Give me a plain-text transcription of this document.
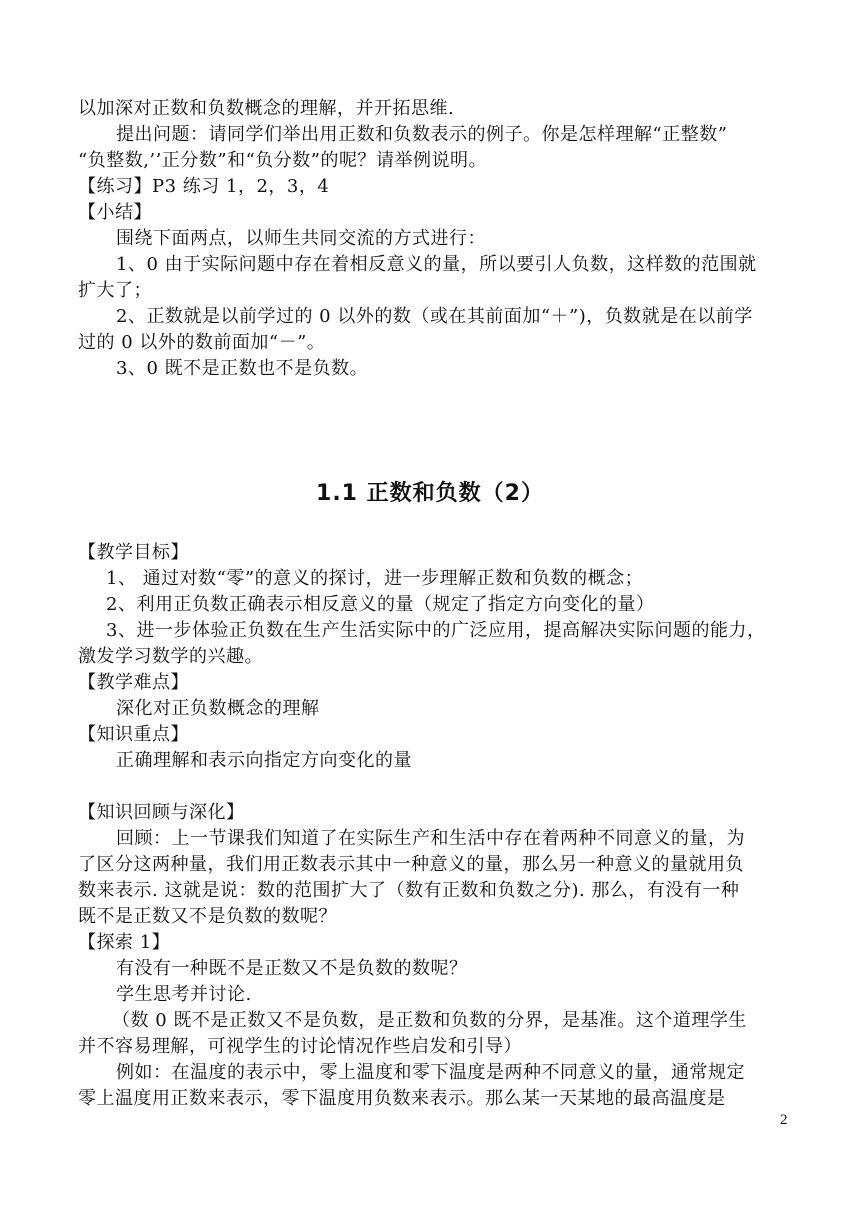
以加深对正数和负数概念的理解，并开拓思维.
提出问题：请同学们举出用正数和负数表示的例子。你是怎样理解“正整数”
“负整数,’’正分数”和“负分数”的呢？请举例说明。
【练习】P3 练习 1，2，3，4
【小结】
围绕下面两点，以师生共同交流的方式进行：
1、0 由于实际问题中存在着相反意义的量，所以要引人负数，这样数的范围就
扩大了；
2、正数就是以前学过的 0 以外的数（或在其前面加“＋”)，负数就是在以前学
过的 0 以外的数前面加“－”。
3、0 既不是正数也不是负数。
1.1 正数和负数（2）
【教学目标】
1、 通过对数“零”的意义的探讨，进一步理解正数和负数的概念；
2、利用正负数正确表示相反意义的量（规定了指定方向变化的量）
3、进一步体验正负数在生产生活实际中的广泛应用，提高解决实际问题的能力，
激发学习数学的兴趣。
【教学难点】
深化对正负数概念的理解
【知识重点】
正确理解和表示向指定方向变化的量
【知识回顾与深化】
回顾：上一节课我们知道了在实际生产和生活中存在着两种不同意义的量，为
了区分这两种量，我们用正数表示其中一种意义的量，那么另一种意义的量就用负
数来表示. 这就是说：数的范围扩大了（数有正数和负数之分). 那么，有没有一种
既不是正数又不是负数的数呢？
【探索 1】
有没有一种既不是正数又不是负数的数呢？
学生思考并讨论.
（数 0 既不是正数又不是负数，是正数和负数的分界，是基准。这个道理学生
并不容易理解，可视学生的讨论情况作些启发和引导）
例如：在温度的表示中，零上温度和零下温度是两种不同意义的量，通常规定
零上温度用正数来表示，零下温度用负数来表示。那么某一天某地的最高温度是
2
